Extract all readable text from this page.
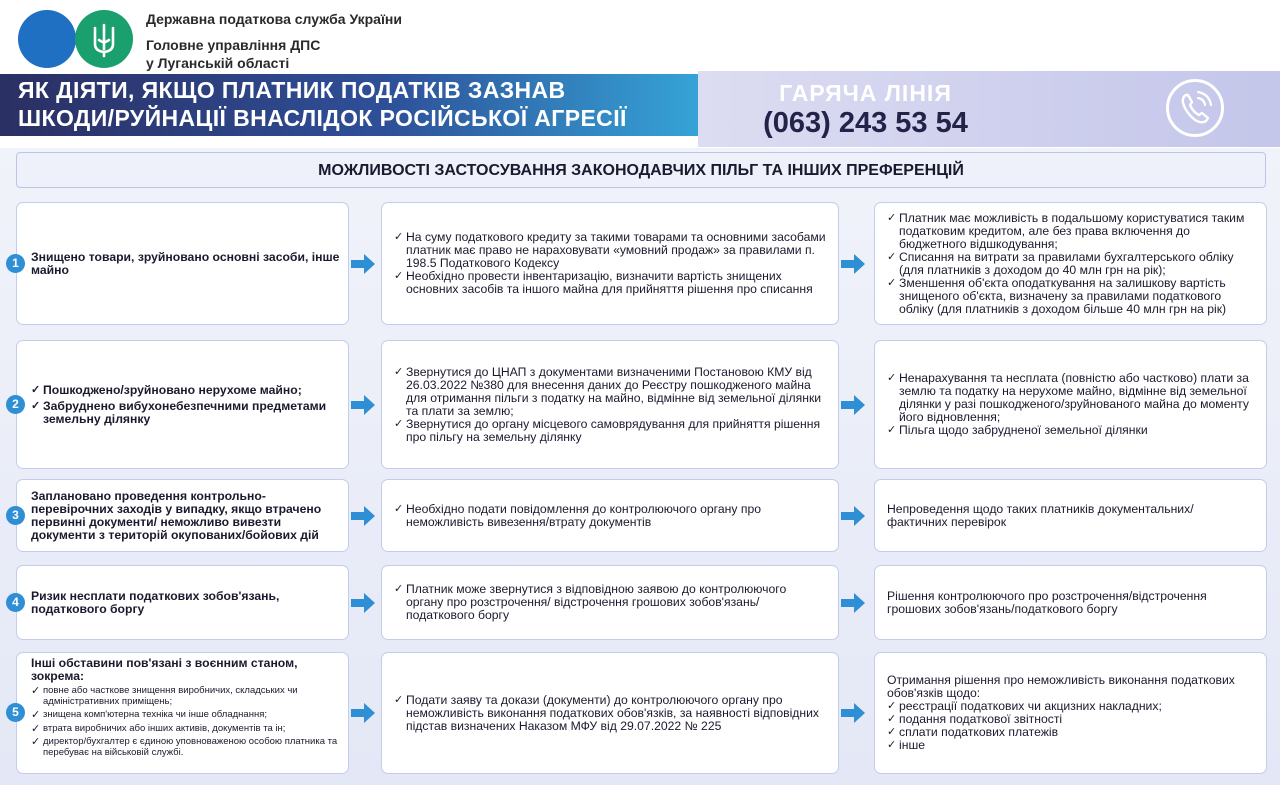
Державна податкова служба України
Головне управління ДПС
у Луганській області
ЯК ДІЯТИ, ЯКЩО ПЛАТНИК ПОДАТКІВ ЗАЗНАВ
ШКОДИ/РУЙНАЦІЇ ВНАСЛІДОК РОСІЙСЬКОЇ АГРЕСІЇ
ГАРЯЧА ЛІНІЯ
(063) 243 53 54
МОЖЛИВОСТІ ЗАСТОСУВАННЯ ЗАКОНОДАВЧИХ ПІЛЬГ ТА ІНШИХ ПРЕФЕРЕНЦІЙ
Знищено товари, зруйновано основні засоби, інше майно
1
✓ На суму податкового кредиту за такими товарами та основними засобами платник має право не нараховувати «умовний продаж» за правилами п. 198.5 Податкового Кодексу
✓ Необхідно провести інвентаризацію, визначити вартість знищених основних засобів та іншого майна для прийняття рішення про списання
✓ Платник має можливість в подальшому користуватися таким податковим кредитом, але без права включення до бюджетного відшкодування;
✓ Списання на витрати за правилами бухгалтерського обліку (для платників з доходом до 40 млн грн на рік);
✓ Зменшення об'єкта оподаткування на залишкову вартість знищеного об'єкта, визначену за правилами податкового обліку (для платників з доходом більше 40 млн грн на рік)
✓ Пошкоджено/зруйновано нерухоме майно;
✓ Забруднено вибухонебезпечними предметами земельну ділянку
2
✓ Звернутися до ЦНАП з документами визначеними Постановою КМУ від 26.03.2022 №380 для внесення даних до Реєстру пошкодженого майна для отримання пільги з податку на майно, відмінне від земельної ділянки та плати за землю;
✓ Звернутися до органу місцевого самоврядування для прийняття рішення про пільгу на земельну ділянку
✓ Ненарахування та несплата (повністю або частково) плати за землю та податку на нерухоме майно, відмінне від земельної ділянки у разі пошкодженого/зруйнованого майна до моменту його відновлення;
✓ Пільга щодо забрудненої земельної ділянки
Заплановано проведення контрольно-перевірочних заходів у випадку, якщо втрачено первинні документи/ неможливо вивезти документи з територій окупованих/бойових дій
3
✓	Необхідно подати повідомлення до контролюючого органу про неможливість вивезення/втрату документів
Непроведення щодо таких платників документальних/фактичних перевірок
Ризик несплати податкових зобов'язань, податкового боргу
4
✓ Платник може звернутися з відповідною заявою до контролюючого органу про розстрочення/ відстрочення грошових зобов'язань/податкового боргу
Рішення контролюючого про розстрочення/відстрочення грошових зобов'язань/податкового боргу
Інші обставини пов'язані з воєнним станом, зокрема:
✓ повне або часткове знищення виробничих, складських чи адміністративних приміщень;
✓ знищена комп'ютерна техніка чи інше обладнання;
✓ втрата виробничих або інших активів, документів та ін;
✓ директор/бухгалтер є єдиною уповноваженою особою платника та перебуває на військовій службі.
5
✓ Подати заяву та докази (документи) до контролюючого органу про неможливість виконання податкових обов'язків, за наявності відповідних підстав визначених Наказом МФУ від 29.07.2022 № 225
Отримання рішення про неможливість виконання податкових обов'язків щодо:
✓ реєстрації податкових чи акцизних накладних;
✓ подання податкової звітності
✓ сплати податкових платежів
✓ інше
